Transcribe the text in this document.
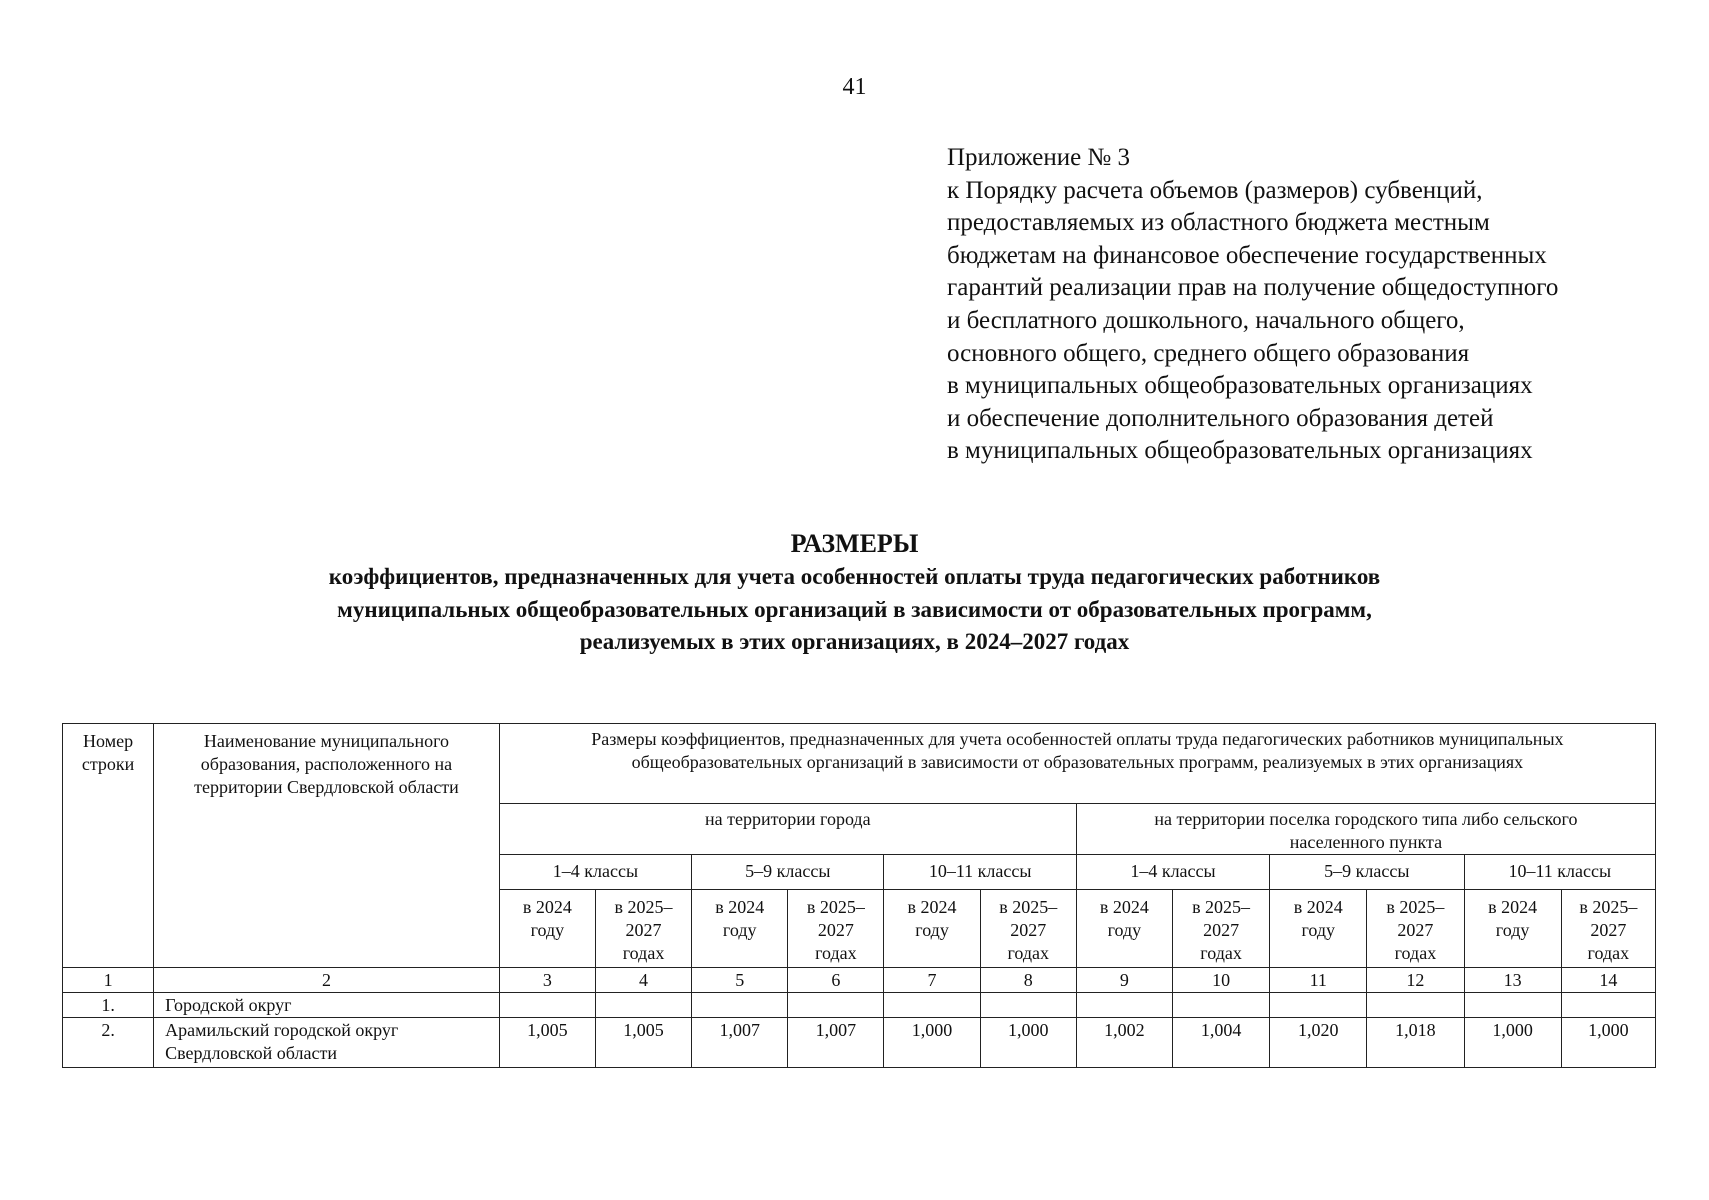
41
Приложение № 3
к Порядку расчета объемов (размеров) субвенций,
предоставляемых из областного бюджета местным
бюджетам на финансовое обеспечение государственных
гарантий реализации прав на получение общедоступного
и бесплатного дошкольного, начального общего,
основного общего, среднего общего образования
в муниципальных общеобразовательных организациях
и обеспечение дополнительного образования детей
в муниципальных общеобразовательных организациях
РАЗМЕРЫ
коэффициентов, предназначенных для учета особенностей оплаты труда педагогических работников
муниципальных общеобразовательных организаций в зависимости от образовательных программ,
реализуемых в этих организациях, в 2024–2027 годах
Номер строки	Наименование муниципального образования, расположенного на территории Свердловской области	Размеры коэффициентов, предназначенных для учета особенностей оплаты труда педагогических работников муниципальных общеобразовательных организаций в зависимости от образовательных программ, реализуемых в этих организациях											
		на территории города						на территории поселка городского типа либо сельского населенного пункта					
		1–4 классы		5–9 классы		10–11 классы		1–4 классы		5–9 классы		10–11 классы	
		в 2024 году	в 2025–2027 годах	в 2024 году	в 2025–2027 годах	в 2024 году	в 2025–2027 годах	в 2024 году	в 2025–2027 годах	в 2024 году	в 2025–2027 годах	в 2024 году	в 2025–2027 годах
1	2	3	4	5	6	7	8	9	10	11	12	13	14
1.	Городской округ												
2.	Арамильский городской округ Свердловской области	1,005	1,005	1,007	1,007	1,000	1,000	1,002	1,004	1,020	1,018	1,000	1,000
